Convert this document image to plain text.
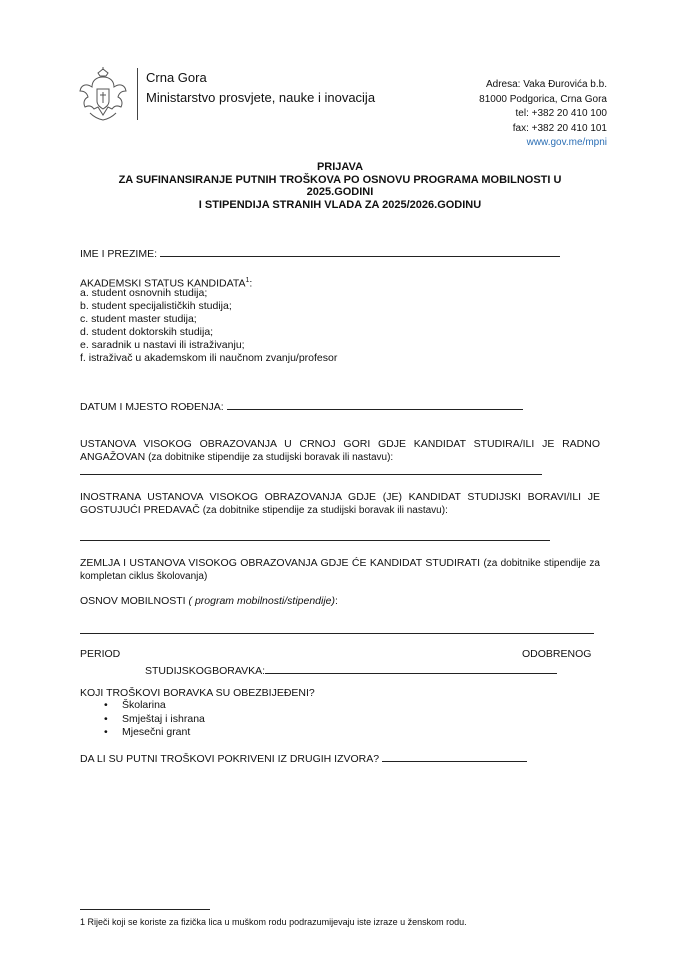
Crna Gora
Ministarstvo prosvjete, nauke i inovacija
Adresa: Vaka Đurovića b.b.
81000 Podgorica, Crna Gora
tel: +382 20 410 100
fax: +382 20 410 101
www.gov.me/mpni
PRIJAVA
ZA SUFINANSIRANJE PUTNIH TROŠKOVA PO OSNOVU PROGRAMA MOBILNOSTI U
2025.GODINI
I STIPENDIJA STRANIH VLADA ZA 2025/2026.GODINU
IME I PREZIME:
AKADEMSKI STATUS KANDIDATA$^1$:
a. student osnovnih studija;
b. student specijalističkih studija;
c. student master studija;
d. student doktorskih studija;
e. saradnik u nastavi ili istraživanju;
f. istraživač u akademskom ili naučnom zvanju/profesor
DATUM I MJESTO ROĐENJA:
USTANOVA VISOKOG OBRAZOVANJA U CRNOJ GORI GDJE KANDIDAT STUDIRA/ILI JE RADNO ANGAŽOVAN (za dobitnike stipendije za studijski boravak ili nastavu):
INOSTRANA USTANOVA VISOKOG OBRAZOVANJA GDJE (JE) KANDIDAT STUDIJSKI BORAVI/ILI JE GOSTUJUĆI PREDAVAČ (za dobitnike stipendije za studijski boravak ili nastavu):
ZEMLJA I USTANOVA VISOKOG OBRAZOVANJA GDJE ĆE KANDIDAT STUDIRATI (za dobitnike stipendije za kompletan ciklus školovanja)
OSNOV MOBILNOSTI ( program mobilnosti/stipendije):
PERIOD	ODOBRENOG
STUDIJSKOGBORAVKA:
KOJI TROŠKOVI BORAVKA SU OBEZBIJEĐENI?
• Školarina
• Smještaj i ishrana
• Mjesečni grant
DA LI SU PUTNI TROŠKOVI POKRIVENI IZ DRUGIH IZVORA?
1 Riječi koji se koriste za fizička lica u muškom rodu podrazumijevaju iste izraze u ženskom rodu.
